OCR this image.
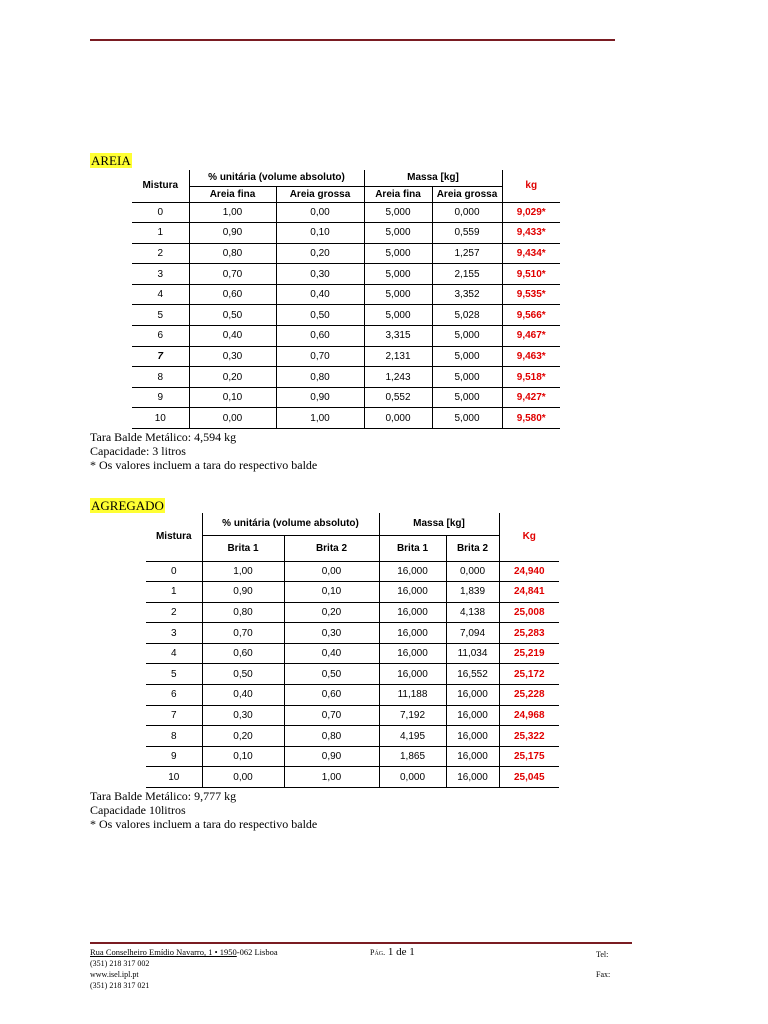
AREIA
Mistura	% unitária (volume absoluto)		Massa [kg]		kg
	Areia fina	Areia grossa	Areia fina	Areia grossa	
0	1,00	0,00	5,000	0,000	9,029*
1	0,90	0,10	5,000	0,559	9,433*
2	0,80	0,20	5,000	1,257	9,434*
3	0,70	0,30	5,000	2,155	9,510*
4	0,60	0,40	5,000	3,352	9,535*
5	0,50	0,50	5,000	5,028	9,566*
6	0,40	0,60	3,315	5,000	9,467*
7	0,30	0,70	2,131	5,000	9,463*
8	0,20	0,80	1,243	5,000	9,518*
9	0,10	0,90	0,552	5,000	9,427*
10	0,00	1,00	0,000	5,000	9,580*
Tara Balde Metálico: 4,594 kg
Capacidade: 3 litros
* Os valores incluem a tara do respectivo balde
AGREGADO
Mistura	% unitária (volume absoluto)		Massa [kg]		Kg
	Brita 1	Brita 2	Brita 1	Brita 2	
0	1,00	0,00	16,000	0,000	24,940
1	0,90	0,10	16,000	1,839	24,841
2	0,80	0,20	16,000	4,138	25,008
3	0,70	0,30	16,000	7,094	25,283
4	0,60	0,40	16,000	11,034	25,219
5	0,50	0,50	16,000	16,552	25,172
6	0,40	0,60	11,188	16,000	25,228
7	0,30	0,70	7,192	16,000	24,968
8	0,20	0,80	4,195	16,000	25,322
9	0,10	0,90	1,865	16,000	25,175
10	0,00	1,00	0,000	16,000	25,045
Tara Balde Metálico: 9,777 kg
Capacidade 10litros
* Os valores incluem a tara do respectivo balde
Rua Conselheiro Emídio Navarro, 1 • 1950-062 Lisboa
(351) 218 317 002
www.isel.ipl.pt
(351) 218 317 021
Pág. 1 de 1	Tel:
Fax:
